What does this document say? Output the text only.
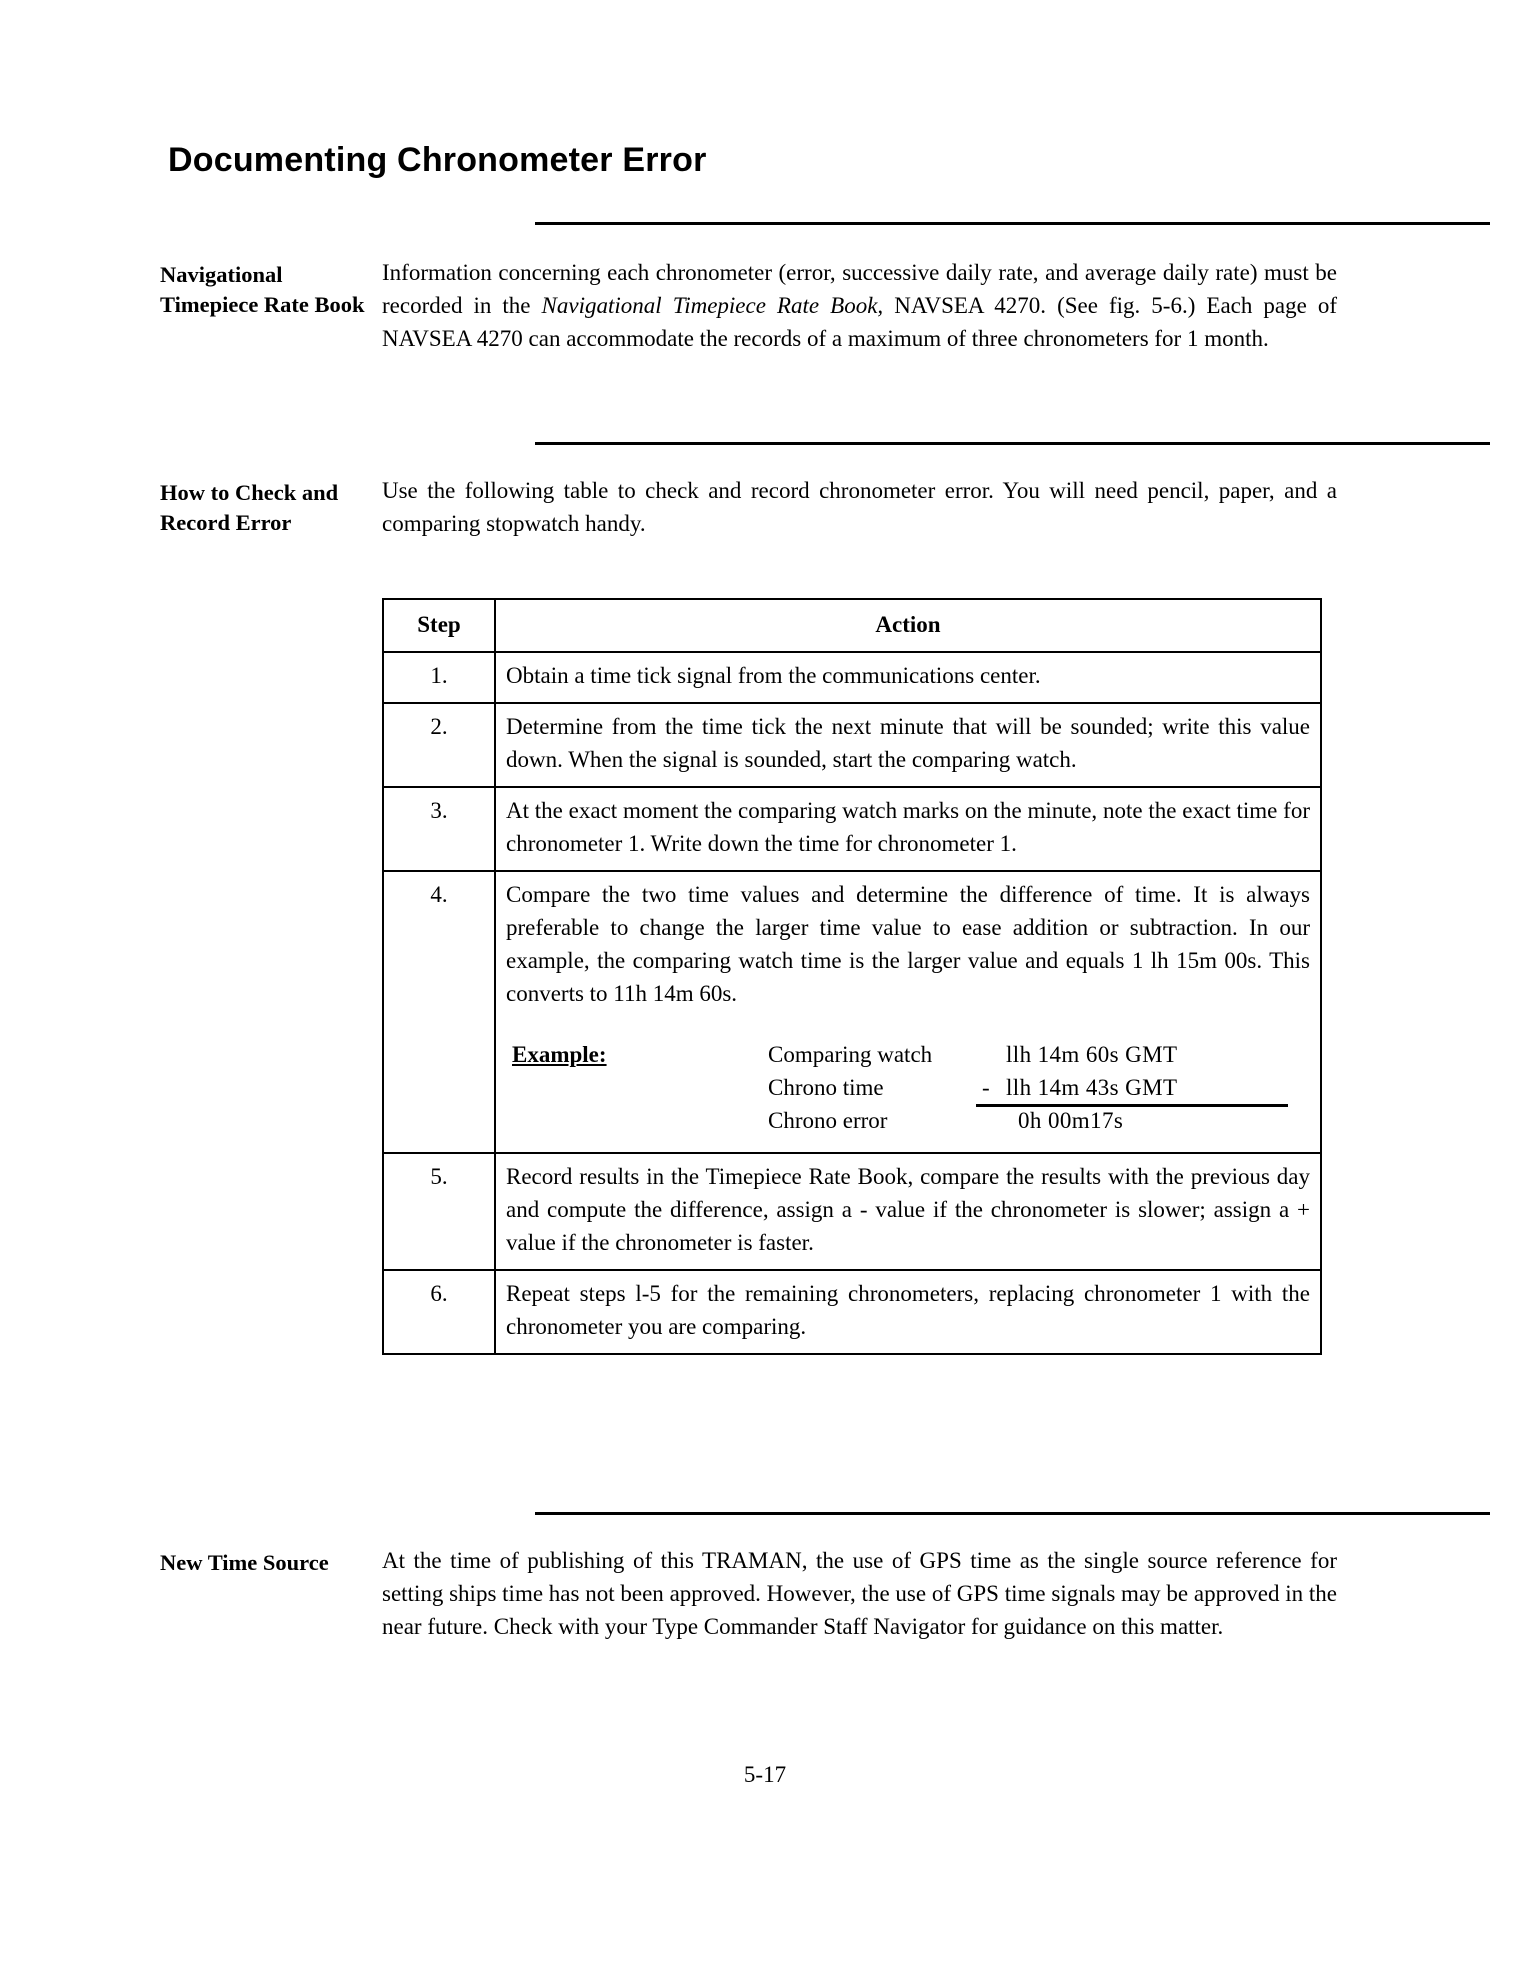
Documenting Chronometer Error
Navigational Timepiece Rate Book

Information concerning each chronometer (error, successive daily rate, and average daily rate) must be recorded in the Navigational Timepiece Rate Book, NAVSEA 4270. (See fig. 5-6.) Each page of NAVSEA 4270 can accommodate the records of a maximum of three chronometers for 1 month.

How to Check and Record Error

Use the following table to check and record chronometer error. You will need pencil, paper, and a comparing stopwatch handy.

Step	Action
1.	Obtain a time tick signal from the communications center.
2.	Determine from the time tick the next minute that will be sounded; write this value down. When the signal is sounded, start the comparing watch.
3.	At the exact moment the comparing watch marks on the minute, note the exact time for chronometer 1. Write down the time for chronometer 1.
4.	Compare the two time values and determine the difference of time. It is always preferable to change the larger time value to ease addition or subtraction. In our example, the comparing watch time is the larger value and equals 1 lh 15m 00s. This converts to 11h 14m 60s.
Example:	Comparing watch	llh 14m 60s GMT
Chrono time	- llh 14m 43s GMT
Chrono error	0h 00m17s

5.	Record results in the Timepiece Rate Book, compare the results with the previous day and compute the difference, assign a - value if the chronometer is slower; assign a + value if the chronometer is faster.
6.	Repeat steps l-5 for the remaining chronometers, replacing chronometer 1 with the chronometer you are comparing.
New Time Source	At the time of publishing of this TRAMAN, the use of GPS time as the single source reference for setting ships time has not been approved. However, the use of GPS time signals may be approved in the near future. Check with your Type Commander Staff Navigator for guidance on this matter.

5-17
